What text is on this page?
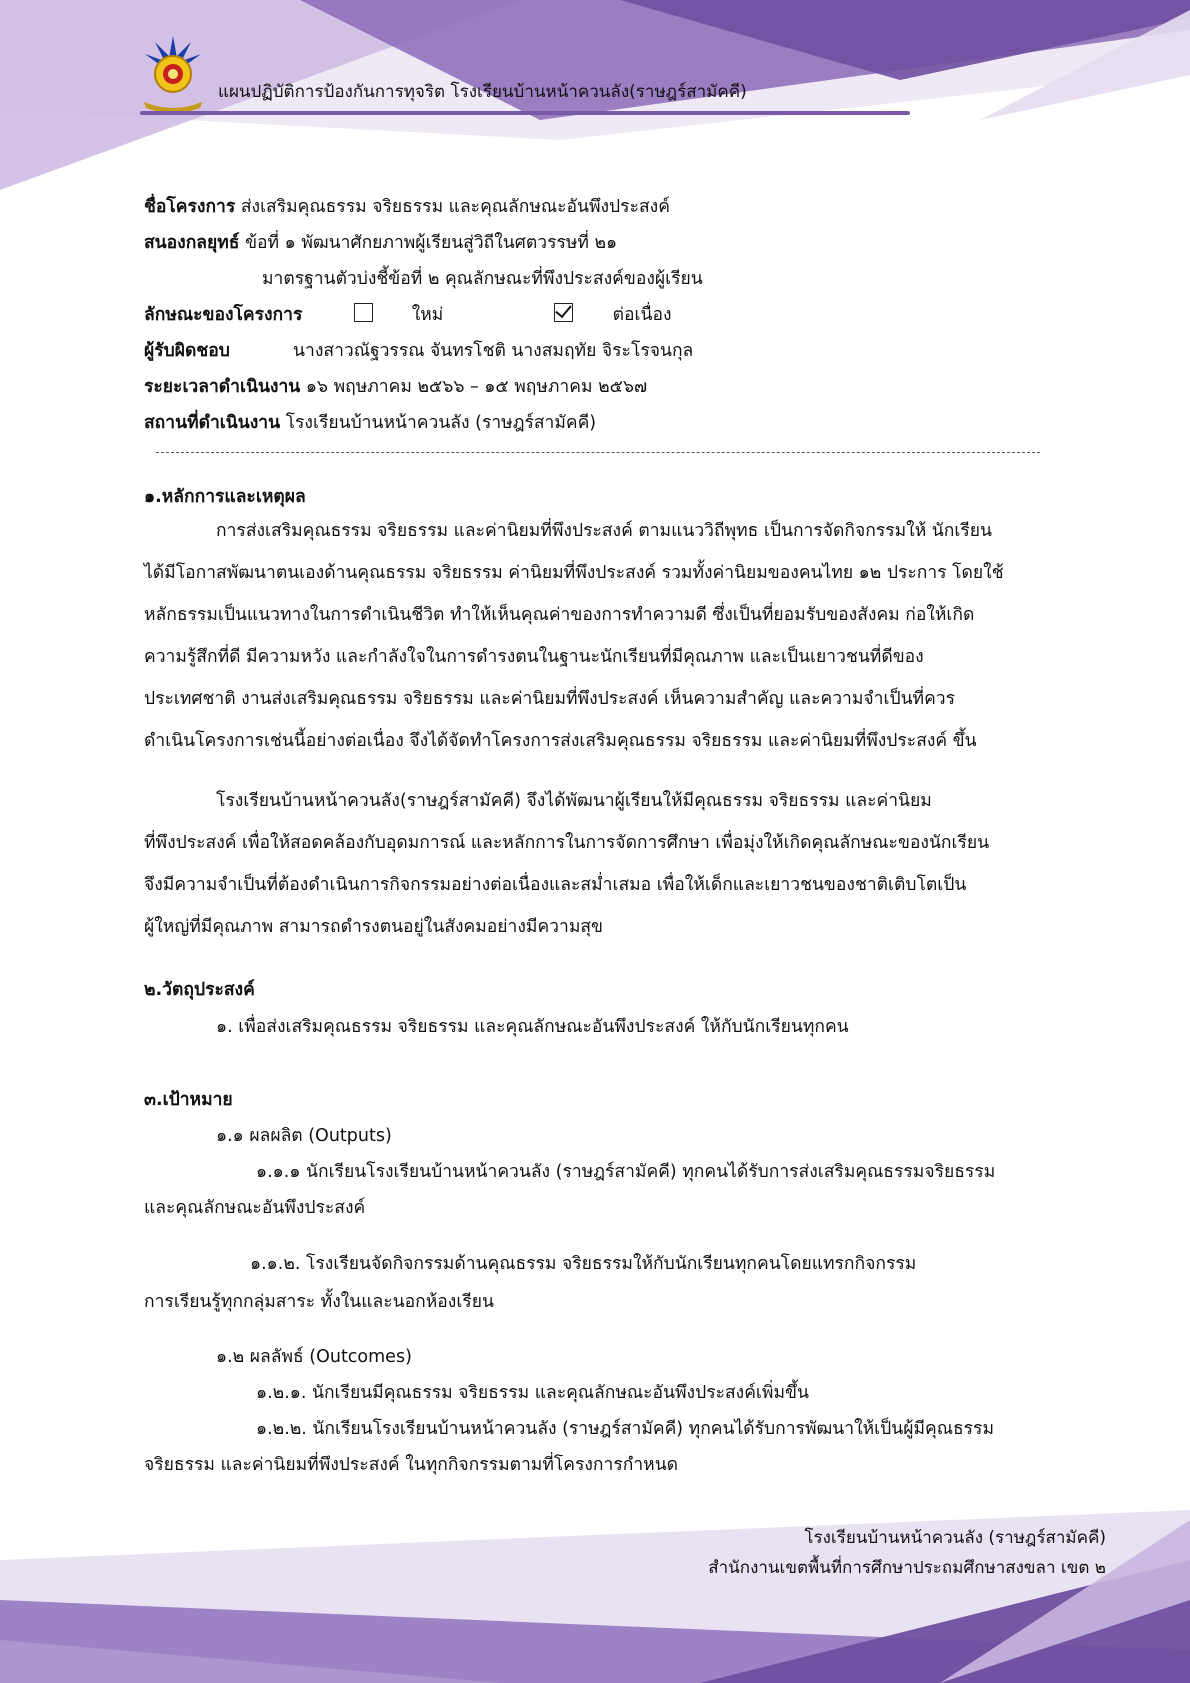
แผนปฏิบัติการป้องกันการทุจริต โรงเรียนบ้านหน้าควนลัง(ราษฎร์สามัคคี)
ชื่อโครงการ ส่งเสริมคุณธรรม จริยธรรม และคุณลักษณะอันพึงประสงค์
สนองกลยุทธ์ ข้อที่ ๑ พัฒนาศักยภาพผู้เรียนสู่วิถีในศตวรรษที่ ๒๑
มาตรฐานตัวบ่งชี้ข้อที่ ๒ คุณลักษณะที่พึงประสงค์ของผู้เรียน
ลักษณะของโครงการ	ใหม่	ต่อเนื่อง
ผู้รับผิดชอบ	นางสาวณัฐวรรณ จันทรโชติ นางสมฤทัย จิระโรจนกุล
ระยะเวลาดำเนินงาน ๑๖ พฤษภาคม ๒๕๖๖ – ๑๕ พฤษภาคม ๒๕๖๗
สถานที่ดำเนินงาน โรงเรียนบ้านหน้าควนลัง (ราษฎร์สามัคคี)
๑.หลักการและเหตุผล
การส่งเสริมคุณธรรม จริยธรรม และค่านิยมที่พึงประสงค์ ตามแนววิถีพุทธ เป็นการจัดกิจกรรมให้ นักเรียน
ได้มีโอกาสพัฒนาตนเองด้านคุณธรรม จริยธรรม ค่านิยมที่พึงประสงค์ รวมทั้งค่านิยมของคนไทย ๑๒ ประการ โดยใช้
หลักธรรมเป็นแนวทางในการดำเนินชีวิต ทำให้เห็นคุณค่าของการทำความดี ซึ่งเป็นที่ยอมรับของสังคม ก่อให้เกิด
ความรู้สึกที่ดี มีความหวัง และกำลังใจในการดำรงตนในฐานะนักเรียนที่มีคุณภาพ และเป็นเยาวชนที่ดีของ
ประเทศชาติ งานส่งเสริมคุณธรรม จริยธรรม และค่านิยมที่พึงประสงค์ เห็นความสำคัญ และความจำเป็นที่ควร
ดำเนินโครงการเช่นนี้อย่างต่อเนื่อง จึงได้จัดทำโครงการส่งเสริมคุณธรรม จริยธรรม และค่านิยมที่พึงประสงค์ ขึ้น
โรงเรียนบ้านหน้าควนลัง(ราษฎร์สามัคคี) จึงได้พัฒนาผู้เรียนให้มีคุณธรรม จริยธรรม และค่านิยม
ที่พึงประสงค์ เพื่อให้สอดคล้องกับอุดมการณ์ และหลักการในการจัดการศึกษา เพื่อมุ่งให้เกิดคุณลักษณะของนักเรียน
จึงมีความจำเป็นที่ต้องดำเนินการกิจกรรมอย่างต่อเนื่องและสม่ำเสมอ เพื่อให้เด็กและเยาวชนของชาติเติบโตเป็น
ผู้ใหญ่ที่มีคุณภาพ สามารถดำรงตนอยู่ในสังคมอย่างมีความสุข
๒.วัตถุประสงค์
๑. เพื่อส่งเสริมคุณธรรม จริยธรรม และคุณลักษณะอันพึงประสงค์ ให้กับนักเรียนทุกคน
๓.เป้าหมาย
๑.๑ ผลผลิต (Outputs)
๑.๑.๑ นักเรียนโรงเรียนบ้านหน้าควนลัง (ราษฎร์สามัคคี) ทุกคนได้รับการส่งเสริมคุณธรรมจริยธรรม
และคุณลักษณะอันพึงประสงค์
๑.๑.๒. โรงเรียนจัดกิจกรรมด้านคุณธรรม จริยธรรมให้กับนักเรียนทุกคนโดยแทรกกิจกรรม
การเรียนรู้ทุกกลุ่มสาระ ทั้งในและนอกห้องเรียน
๑.๒ ผลลัพธ์ (Outcomes)
๑.๒.๑. นักเรียนมีคุณธรรม จริยธรรม และคุณลักษณะอันพึงประสงค์เพิ่มขึ้น
๑.๒.๒. นักเรียนโรงเรียนบ้านหน้าควนลัง (ราษฎร์สามัคคี) ทุกคนได้รับการพัฒนาให้เป็นผู้มีคุณธรรม
จริยธรรม และค่านิยมที่พึงประสงค์ ในทุกกิจกรรมตามที่โครงการกำหนด
โรงเรียนบ้านหน้าควนลัง (ราษฎร์สามัคคี)
สำนักงานเขตพื้นที่การศึกษาประถมศึกษาสงขลา เขต ๒
